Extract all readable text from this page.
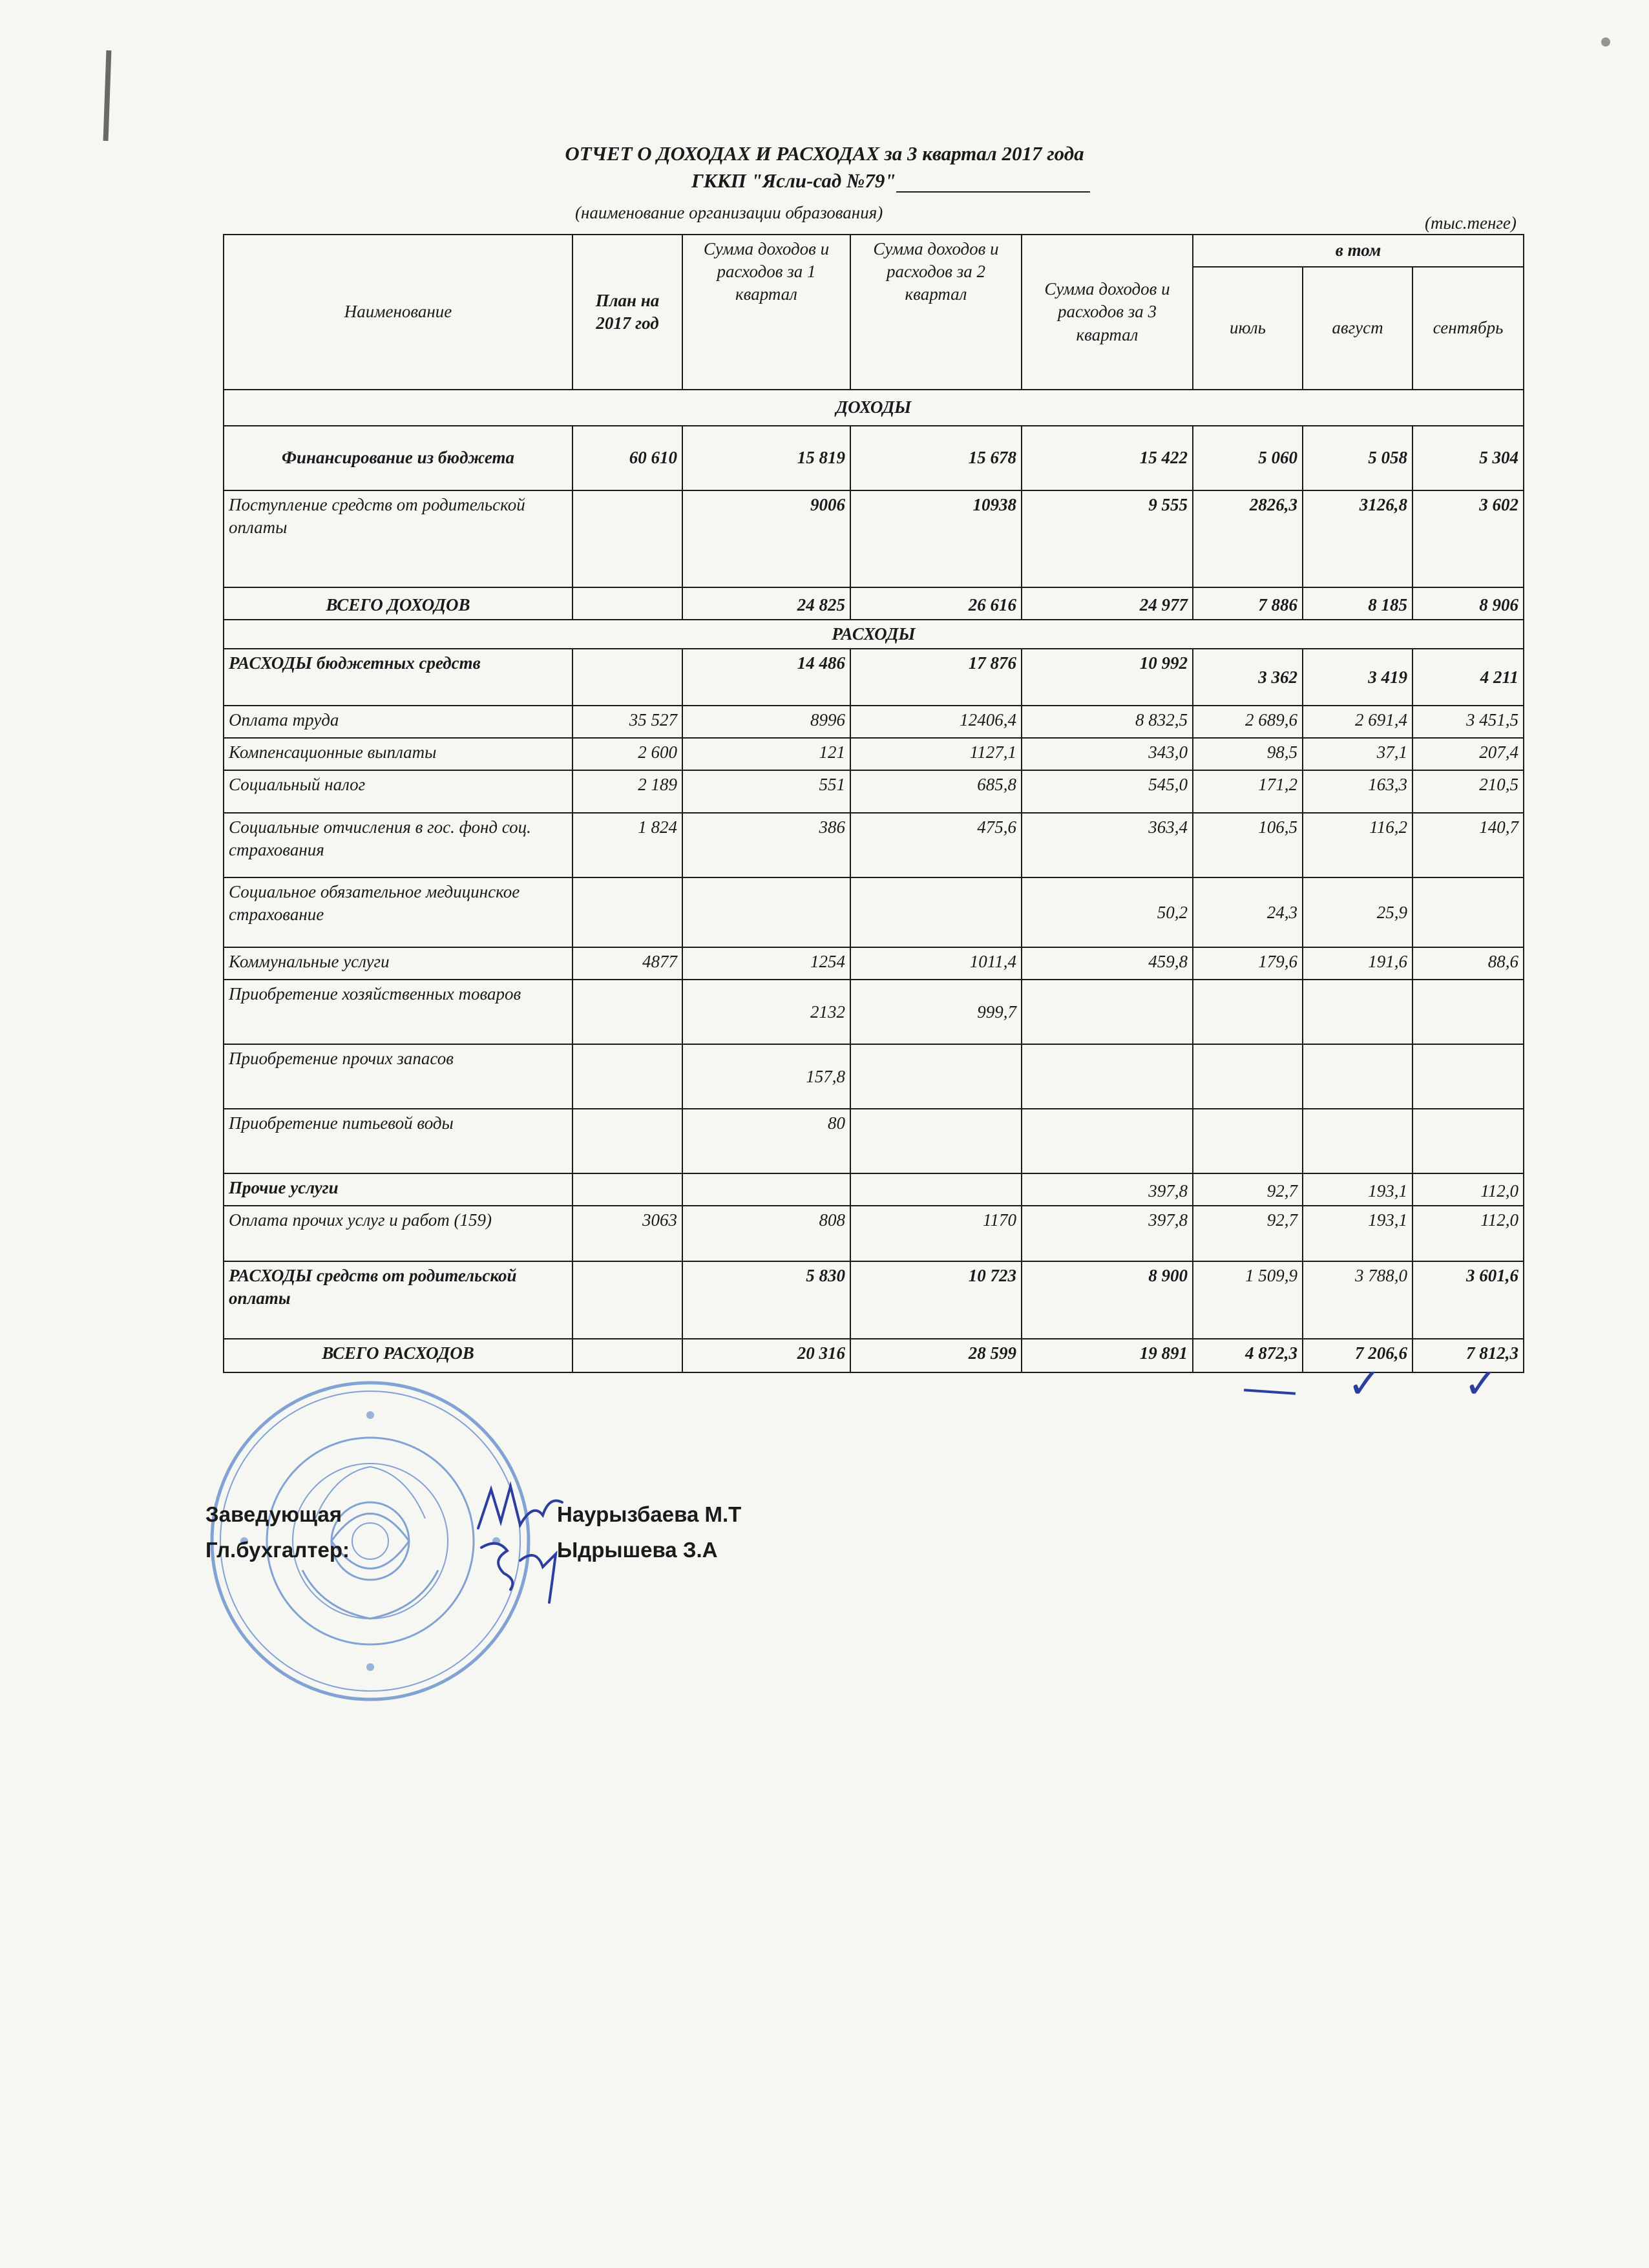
ОТЧЕТ О ДОХОДАХ И РАСХОДАХ за 3 квартал 2017 года
ГККП "Ясли-сад №79"
(наименование организации образования)
(тыс.тенге)
Наименование	План на 2017 год	Сумма доходов и расходов за 1 квартал	Сумма доходов и расходов за 2 квартал	Сумма доходов и расходов за 3 квартал	в том		
					июль	август	сентябрь
ДОХОДЫ							
Финансирование из бюджета	60 610	15 819	15 678	15 422	5 060	5 058	5 304
Поступление средств от родительской оплаты		9006	10938	9 555	2826,3	3126,8	3 602
ВСЕГО ДОХОДОВ		24 825	26 616	24 977	7 886	8 185	8 906
РАСХОДЫ							
РАСХОДЫ бюджетных средств		14 486	17 876	10 992	3 362	3 419	4 211
Оплата труда	35 527	8996	12406,4	8 832,5	2 689,6	2 691,4	3 451,5
Компенсационные выплаты	2 600	121	1127,1	343,0	98,5	37,1	207,4
Социальный налог	2 189	551	685,8	545,0	171,2	163,3	210,5
Социальные отчисления в гос. фонд соц. страхования	1 824	386	475,6	363,4	106,5	116,2	140,7
Социальное обязательное медицинское страхование				50,2	24,3	25,9	
Коммунальные услуги	4877	1254	1011,4	459,8	179,6	191,6	88,6
Приобретение хозяйственных товаров		2132	999,7				
Приобретение прочих запасов		157,8					
Приобретение питьевой воды		80					
Прочие услуги				397,8	92,7	193,1	112,0
Оплата прочих услуг и работ (159)	3063	808	1170	397,8	92,7	193,1	112,0
РАСХОДЫ средств от родительской оплаты		5 830	10 723	8 900	1 509,9	3 788,0	3 601,6
ВСЕГО РАСХОДОВ		20 316	28 599	19 891	4 872,3	7 206,6	7 812,3
✓ ✓
Заведующая	Наурызбаева М.Т
Гл.бухгалтер:	Ыдрышева З.А
